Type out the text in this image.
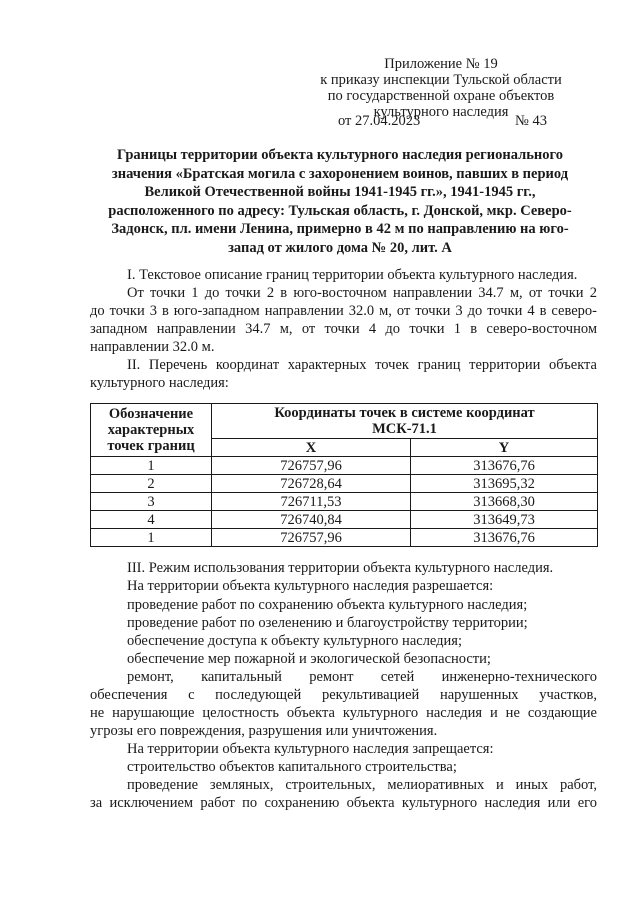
Приложение № 19
к приказу инспекции Тульской области
по государственной охране объектов
культурного наследия
от 27.04.2023	№ 43
Границы территории объекта культурного наследия регионального
значения «Братская могила с захоронением воинов, павших в период
Великой Отечественной войны 1941-1945 гг.», 1941-1945 гг.,
расположенного по адресу: Тульская область, г. Донской, мкр. Северо-
Задонск, пл. имени Ленина, примерно в 42 м по направлению на юго-
запад от жилого дома № 20, лит. А
I. Текстовое описание границ территории объекта культурного наследия.
От точки 1 до точки 2 в юго-восточном направлении 34.7 м, от точки 2
до точки 3 в юго-западном направлении 32.0 м, от точки 3 до точки 4 в северо-
западном направлении 34.7 м, от точки 4 до точки 1 в северо-восточном
направлении 32.0 м.
II. Перечень координат характерных точек границ территории объекта
культурного наследия:
Обозначение характерных точек границ	Координаты точек в системе координат МСК-71.1	
	X	Y
1	726757,96	313676,76
2	726728,64	313695,32
3	726711,53	313668,30
4	726740,84	313649,73
1	726757,96	313676,76
III. Режим использования территории объекта культурного наследия.
На территории объекта культурного наследия разрешается:
проведение работ по сохранению объекта культурного наследия;
проведение работ по озеленению и благоустройству территории;
обеспечение доступа к объекту культурного наследия;
обеспечение мер пожарной и экологической безопасности;
ремонт, капитальный ремонт сетей инженерно-технического
обеспечения с последующей рекультивацией нарушенных участков,
не нарушающие целостность объекта культурного наследия и не создающие
угрозы его повреждения, разрушения или уничтожения.
На территории объекта культурного наследия запрещается:
строительство объектов капитального строительства;
проведение земляных, строительных, мелиоративных и иных работ,
за исключением работ по сохранению объекта культурного наследия или его
